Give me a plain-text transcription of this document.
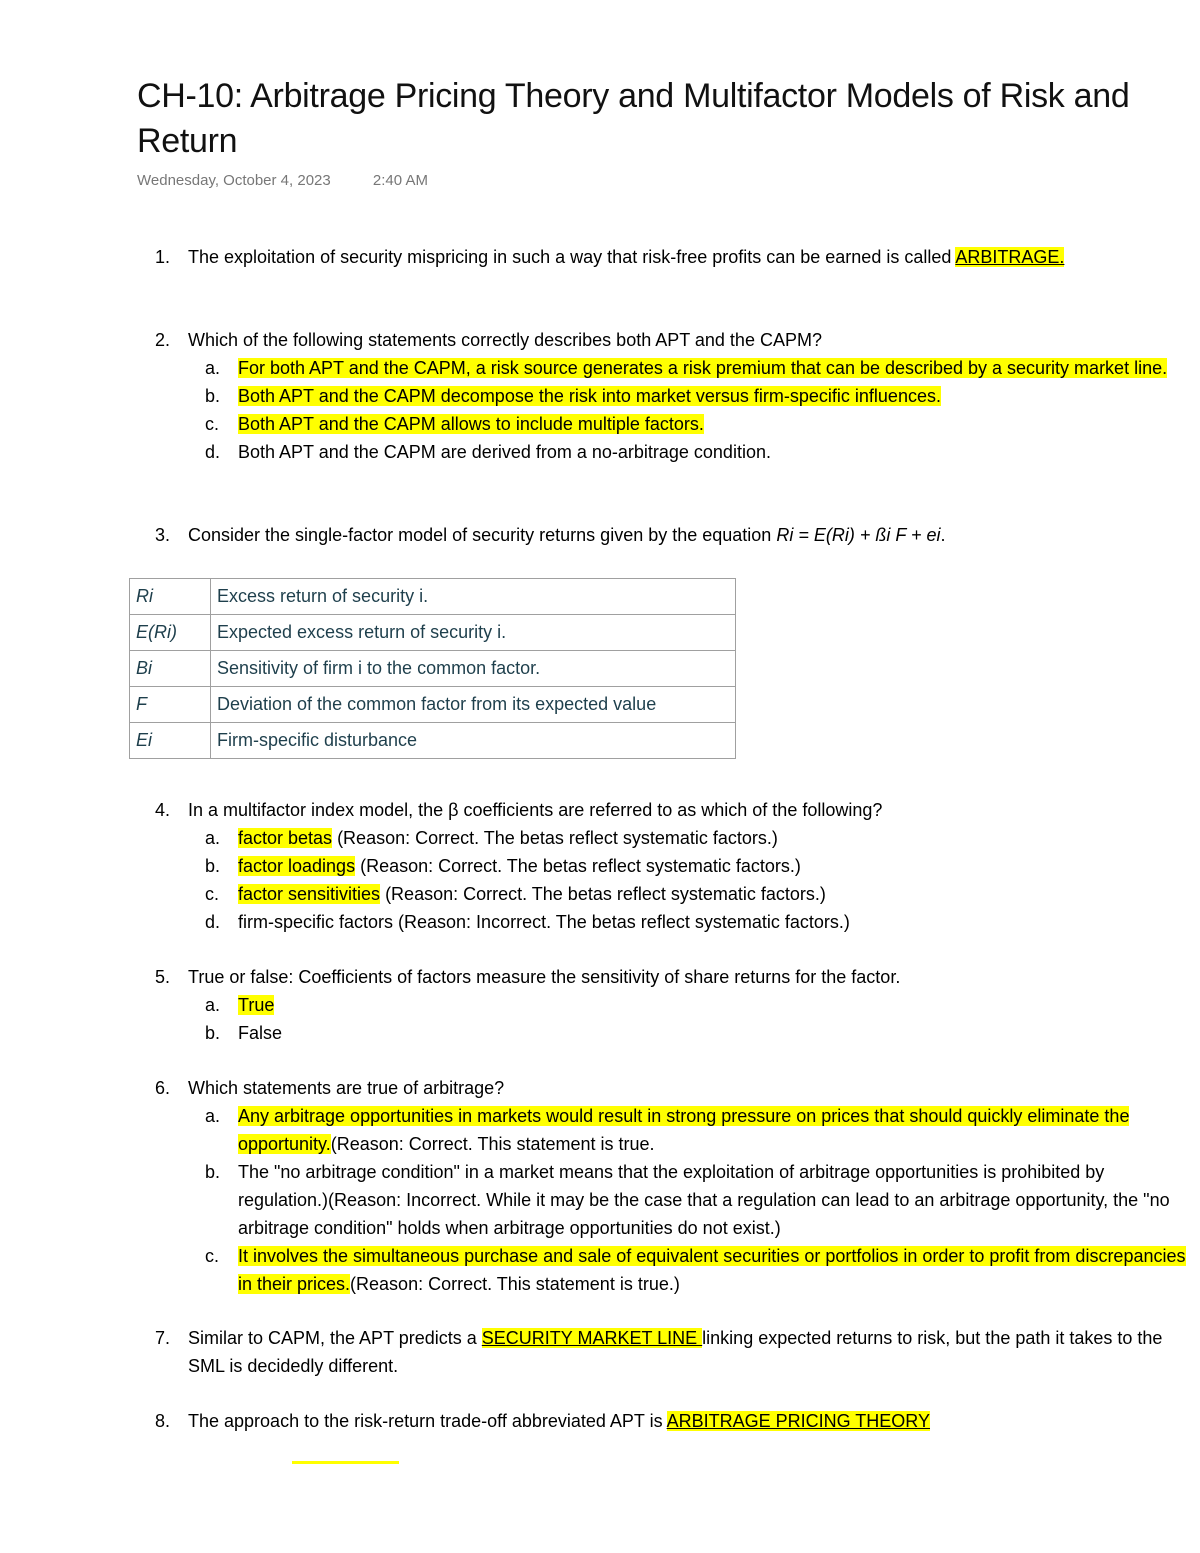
CH-10: Arbitrage Pricing Theory and Multifactor Models of Risk and Return
Wednesday, October 4, 2023	2:40 AM
1. The exploitation of security mispricing in such a way that risk-free profits can be earned is called ARBITRAGE.
2. Which of the following statements correctly describes both APT and the CAPM?
a. For both APT and the CAPM, a risk source generates a risk premium that can be described by a security market line.
b. Both APT and the CAPM decompose the risk into market versus firm-specific influences.
c. Both APT and the CAPM allows to include multiple factors.
d. Both APT and the CAPM are derived from a no-arbitrage condition.
3. Consider the single-factor model of security returns given by the equation Ri = E(Ri) + ßi F + ei.
4. In a multifactor index model, the β coefficients are referred to as which of the following?
a. factor betas (Reason: Correct. The betas reflect systematic factors.)
b. factor loadings (Reason: Correct. The betas reflect systematic factors.)
c. factor sensitivities (Reason: Correct. The betas reflect systematic factors.)
d. firm-specific factors (Reason: Incorrect. The betas reflect systematic factors.)
5. True or false: Coefficients of factors measure the sensitivity of share returns for the factor.
a. True
b. False
6. Which statements are true of arbitrage?
a. Any arbitrage opportunities in markets would result in strong pressure on prices that should quickly eliminate the opportunity.(Reason: Correct. This statement is true.
b. The "no arbitrage condition" in a market means that the exploitation of arbitrage opportunities is prohibited by regulation.)(Reason: Incorrect. While it may be the case that a regulation can lead to an arbitrage opportunity, the "no arbitrage condition" holds when arbitrage opportunities do not exist.)
c. It involves the simultaneous purchase and sale of equivalent securities or portfolios in order to profit from discrepancies in their prices.(Reason: Correct. This statement is true.)
7. Similar to CAPM, the APT predicts a SECURITY MARKET LINE linking expected returns to risk, but the path it takes to the SML is decidedly different.
8. The approach to the risk-return trade-off abbreviated APT is ARBITRAGE PRICING THEORY
Ri	Excess return of security i.
E(Ri)	Expected excess return of security i.
Bi	Sensitivity of firm i to the common factor.
F	Deviation of the common factor from its expected value
Ei	Firm-specific disturbance
